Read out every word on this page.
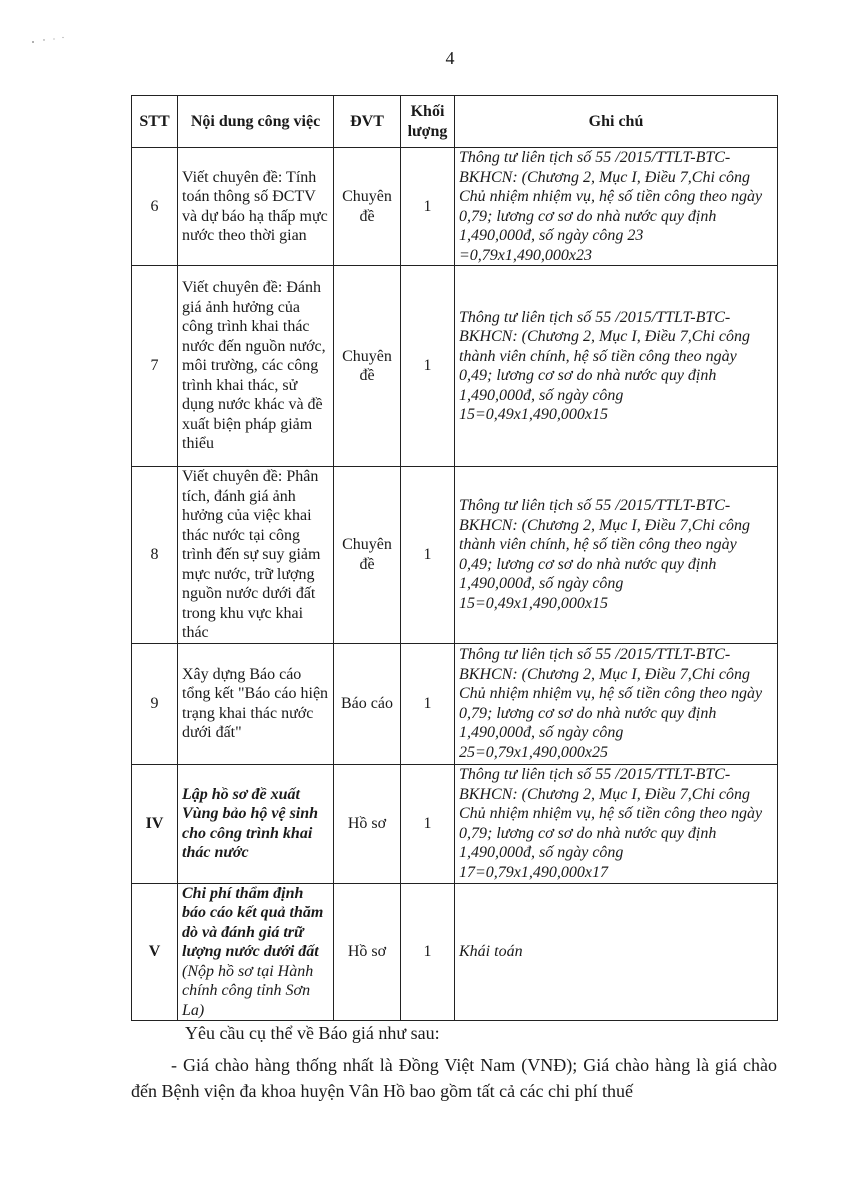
4
STT	Nội dung công việc	ĐVT	Khối lượng	Ghi chú
6	Viết chuyên đề: Tính toán thông số ĐCTV và dự báo hạ thấp mực nước theo thời gian	Chuyên đề	1	Thông tư liên tịch số 55 /2015/TTLT-BTC-BKHCN: (Chương 2, Mục I, Điều 7,Chi công Chủ nhiệm nhiệm vụ, hệ số tiền công theo ngày 0,79; lương cơ sơ do nhà nước quy định 1,490,000đ, số ngày công 23 =0,79x1,490,000x23
7	Viết chuyên đề: Đánh giá ảnh hưởng của công trình khai thác nước đến nguồn nước, môi trường, các công trình khai thác, sử dụng nước khác và đề xuất biện pháp giảm thiểu	Chuyên đề	1	Thông tư liên tịch số 55 /2015/TTLT-BTC-BKHCN: (Chương 2, Mục I, Điều 7,Chi công thành viên chính, hệ số tiền công theo ngày 0,49; lương cơ sơ do nhà nước quy định 1,490,000đ, số ngày công 15=0,49x1,490,000x15
8	Viết chuyên đề: Phân tích, đánh giá ảnh hưởng của việc khai thác nước tại công trình đến sự suy giảm mực nước, trữ lượng nguồn nước dưới đất trong khu vực khai thác	Chuyên đề	1	Thông tư liên tịch số 55 /2015/TTLT-BTC-BKHCN: (Chương 2, Mục I, Điều 7,Chi công thành viên chính, hệ số tiền công theo ngày 0,49; lương cơ sơ do nhà nước quy định 1,490,000đ, số ngày công 15=0,49x1,490,000x15
9	Xây dựng Báo cáo tổng kết "Báo cáo hiện trạng khai thác nước dưới đất"	Báo cáo	1	Thông tư liên tịch số 55 /2015/TTLT-BTC-BKHCN: (Chương 2, Mục I, Điều 7,Chi công Chủ nhiệm nhiệm vụ, hệ số tiền công theo ngày 0,79; lương cơ sơ do nhà nước quy định 1,490,000đ, số ngày công 25=0,79x1,490,000x25
IV	Lập hồ sơ đề xuất Vùng bảo hộ vệ sinh cho công trình khai thác nước	Hồ sơ	1	Thông tư liên tịch số 55 /2015/TTLT-BTC-BKHCN: (Chương 2, Mục I, Điều 7,Chi công Chủ nhiệm nhiệm vụ, hệ số tiền công theo ngày 0,79; lương cơ sơ do nhà nước quy định 1,490,000đ, số ngày công 17=0,79x1,490,000x17
V	Chi phí thẩm định báo cáo kết quả thăm dò và đánh giá trữ lượng nước dưới đất (Nộp hồ sơ tại Hành chính công tỉnh Sơn La)	Hồ sơ	1	Khái toán
Yêu cầu cụ thể về Báo giá như sau:
- Giá chào hàng thống nhất là Đồng Việt Nam (VNĐ); Giá chào hàng là giá chào đến Bệnh viện đa khoa huyện Vân Hồ bao gồm tất cả các chi phí thuế
